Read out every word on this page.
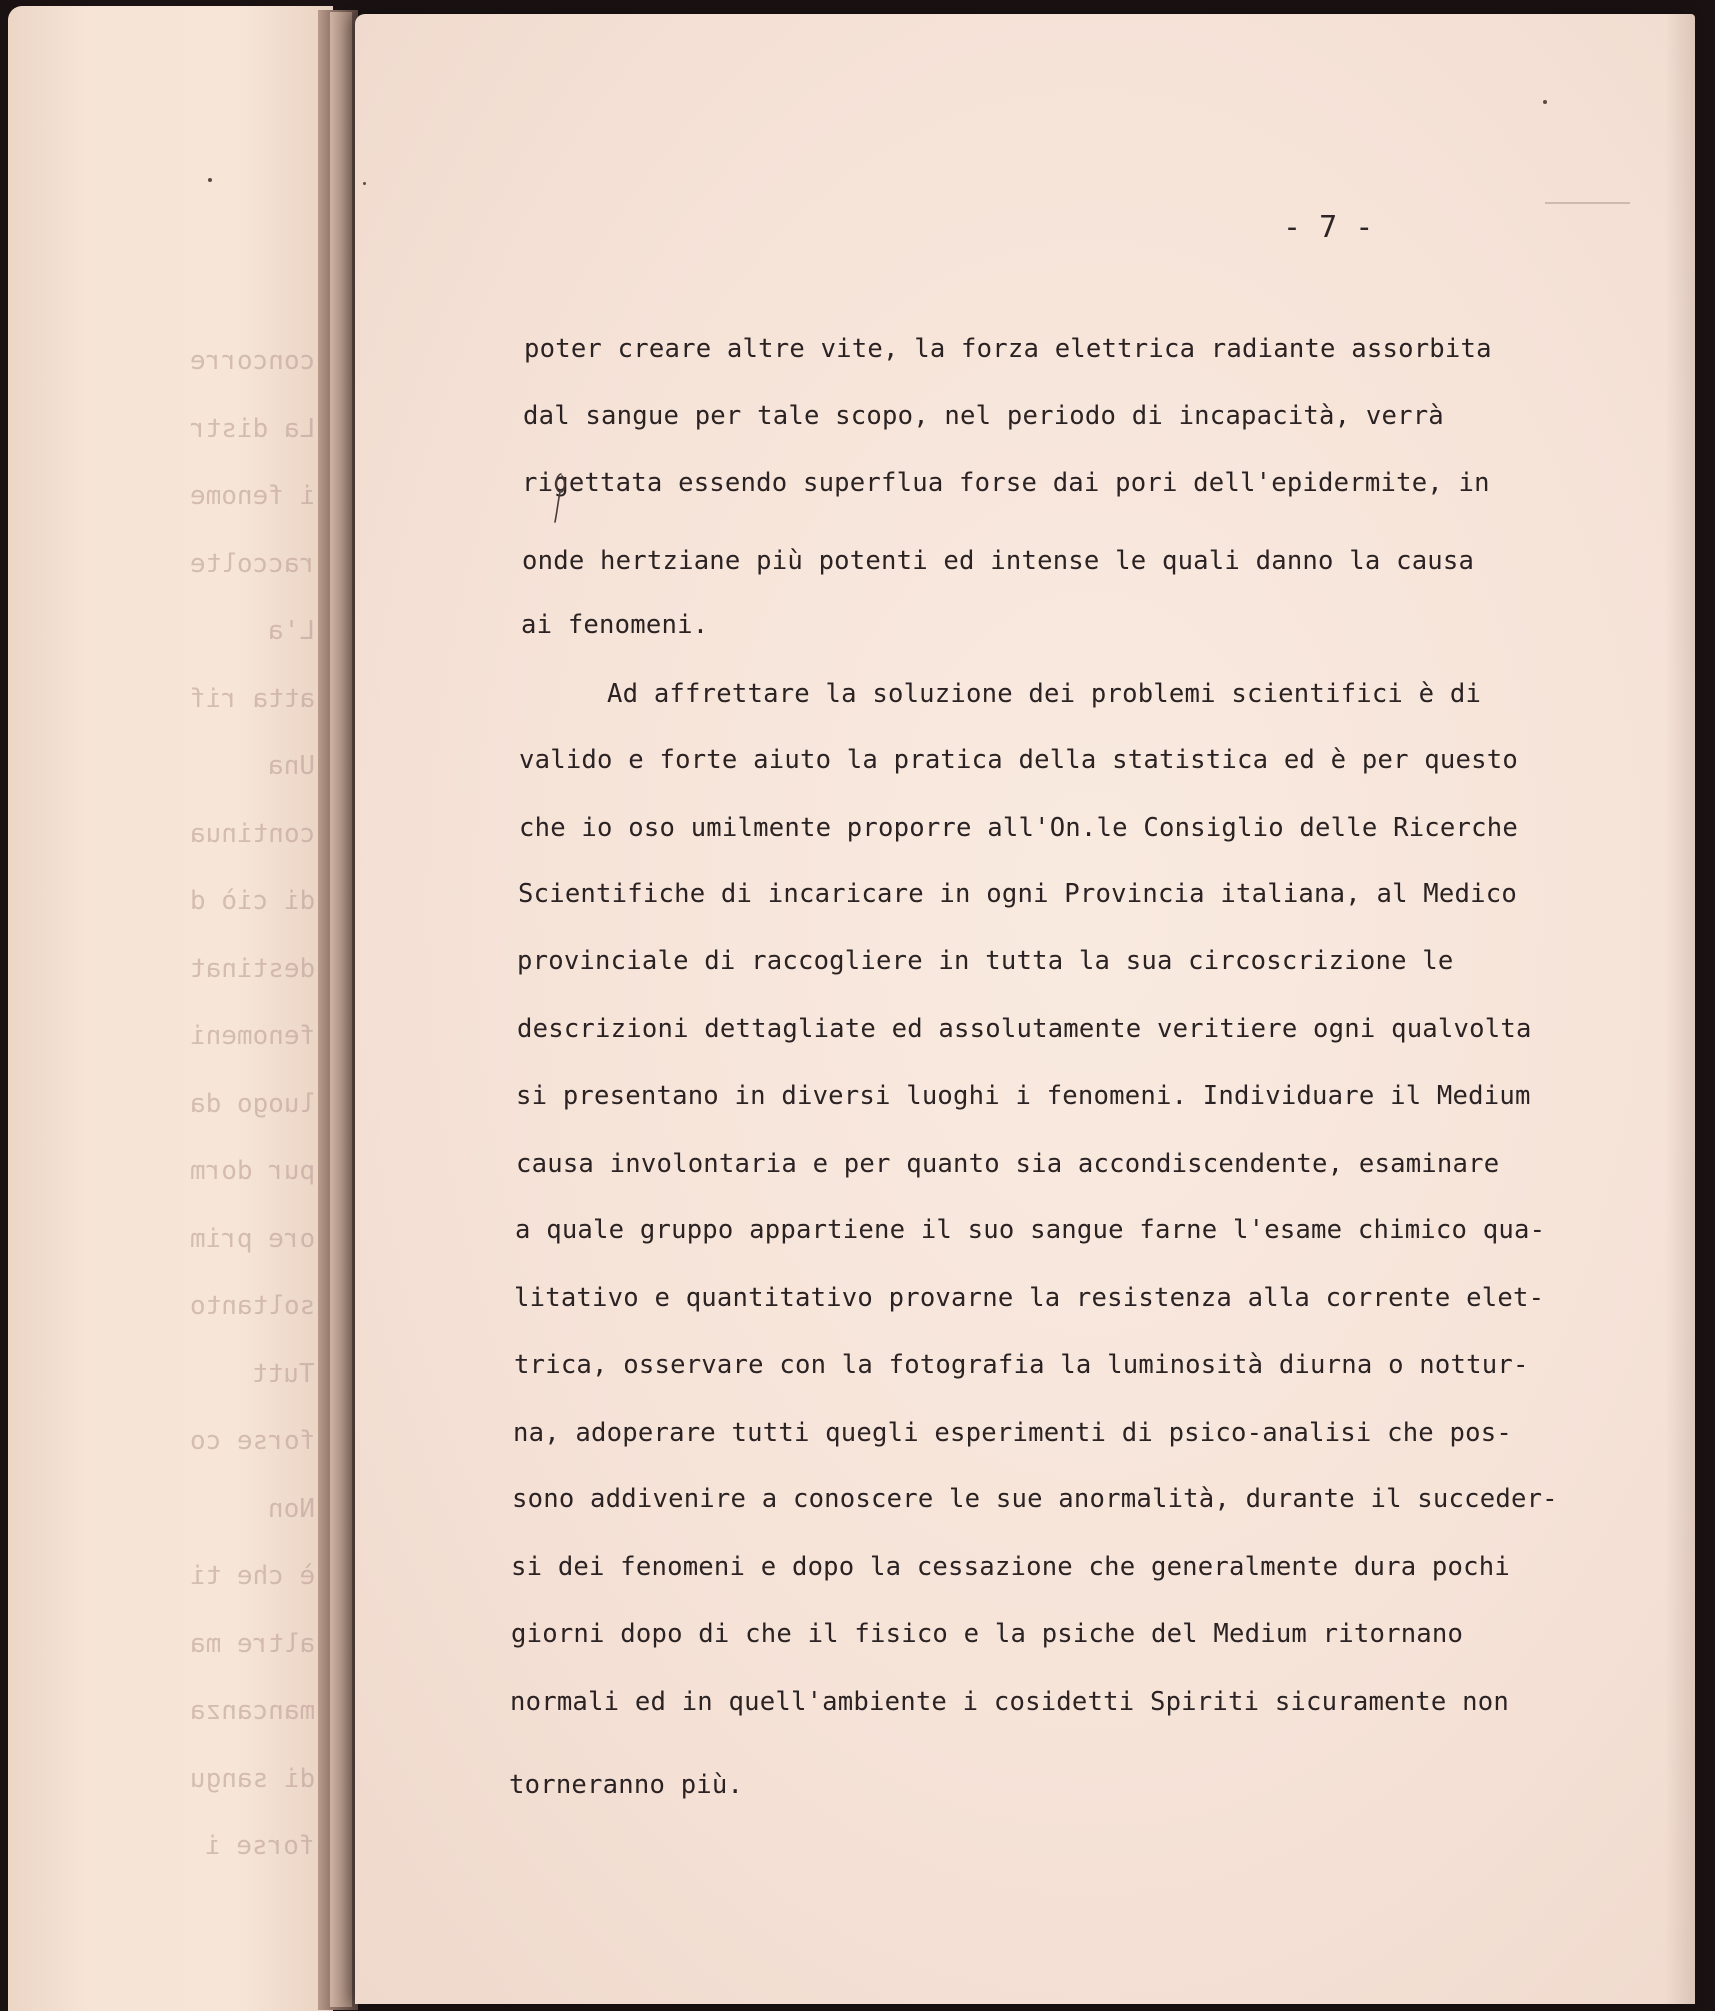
concorre

La distr

i fenome

raccolte

L'a

atta rif

Una

continua

di ciò d

destinat

fenomeni

luogo da

pur dorm

ore prim

soltanto

Tutt

forse co

Non

è che ti

altre ma

mancanza

di sangu

forse i

- 7 -

poter creare altre vite, la forza elettrica radiante assorbita

dal sangue per tale scopo, nel periodo di incapacità, verrà

rigettata essendo superflua forse dai pori dell'epidermite, in

onde hertziane più potenti ed intense le quali danno la causa

ai fenomeni.

Ad affrettare la soluzione dei problemi scientifici è di

valido e forte aiuto la pratica della statistica ed è per questo

che io oso umilmente proporre all'On.le Consiglio delle Ricerche

Scientifiche di incaricare in ogni Provincia italiana, al Medico

provinciale di raccogliere in tutta la sua circoscrizione le

descrizioni dettagliate ed assolutamente veritiere ogni qualvolta

si presentano in diversi luoghi i fenomeni. Individuare il Medium

causa involontaria e per quanto sia accondiscendente, esaminare

a quale gruppo appartiene il suo sangue farne l'esame chimico qua-

litativo e quantitativo provarne la resistenza alla corrente elet-

trica, osservare con la fotografia la luminosità diurna o nottur-

na, adoperare tutti quegli esperimenti di psico-analisi che pos-

sono addivenire a conoscere le sue anormalità, durante il succeder-

si dei fenomeni e dopo la cessazione che generalmente dura pochi

giorni dopo di che il fisico e la psiche del Medium ritornano

normali ed in quell'ambiente i cosidetti Spiriti sicuramente non

torneranno più.
